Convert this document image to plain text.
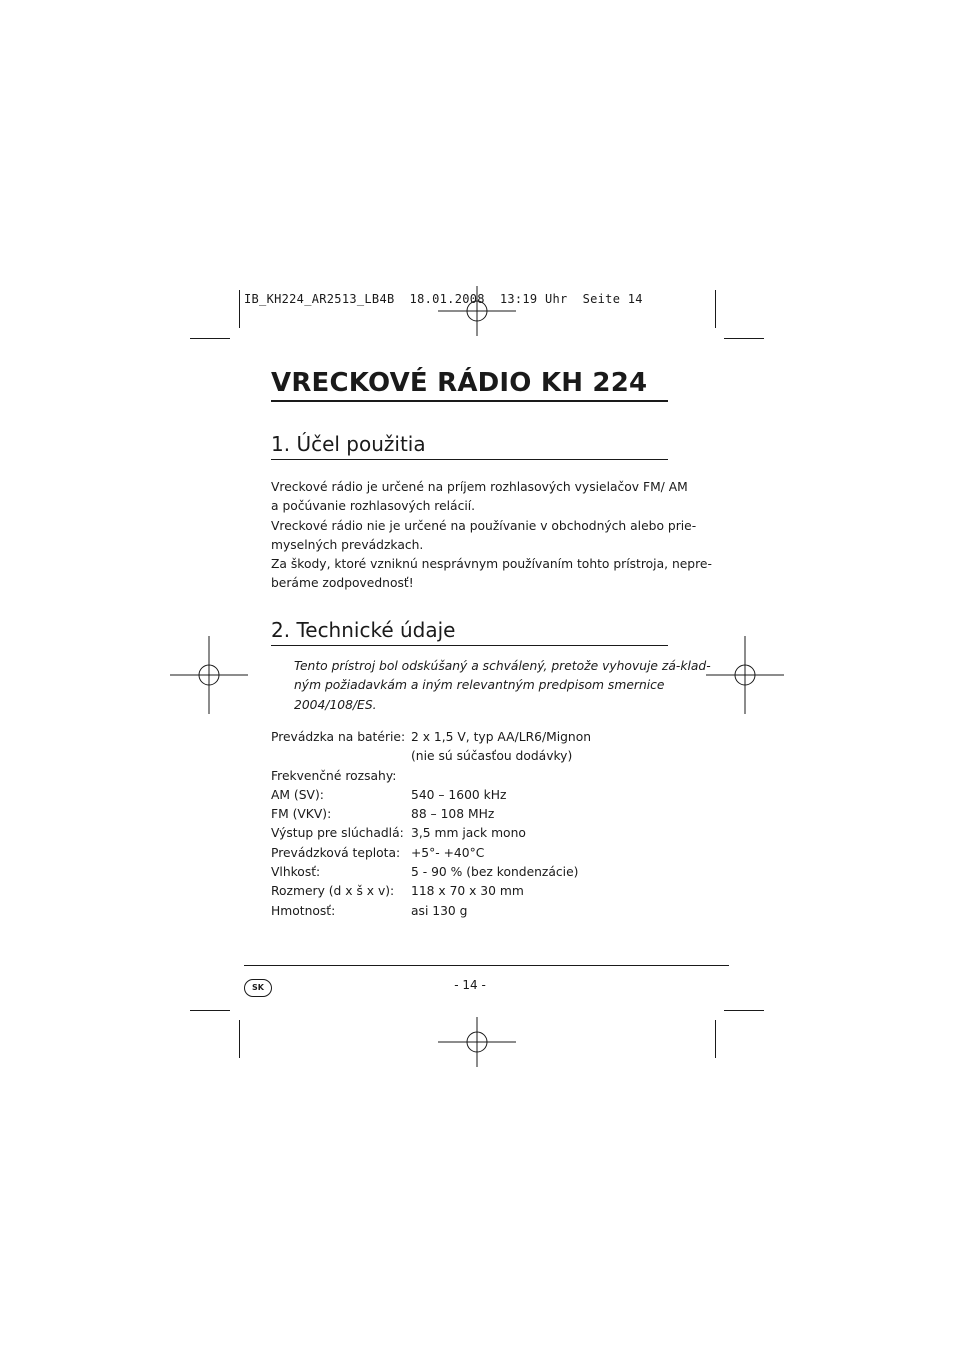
IB_KH224_AR2513_LB4B  18.01.2008  13:19 Uhr  Seite 14
VRECKOVÉ RÁDIO KH 224
1. Účel použitia

Vreckové rádio je určené na príjem rozhlasových vysielačov FM/ AM

a počúvanie rozhlasových relácií.

Vreckové rádio nie je určené na používanie v obchodných alebo prie-

myselných prevádzkach.

Za škody, ktoré vzniknú nesprávnym používaním tohto prístroja, nepre-

beráme zodpovednosť!

2. Technické údaje

Tento prístroj bol odskúšaný a schválený, pretože vyhovuje zá-klad-

ným požiadavkám a iným relevantným predpisom smernice

2004/108/ES.

Prevádzka na batérie: 2 x 1,5 V, typ AA/LR6/Mignon
(nie sú súčasťou dodávky)
Frekvenčné rozsahy:
AM (SV):	540 – 1600 kHz
FM (VKV):	88 – 108 MHz
Výstup pre slúchadlá: 3,5 mm jack mono
Prevádzková teplota: +5°- +40°C
Vlhkosť:	5 - 90 % (bez kondenzácie)
Rozmery (d x š x v):	118 x 70 x 30 mm
Hmotnosť:	asi 130 g
SK	- 14 -
